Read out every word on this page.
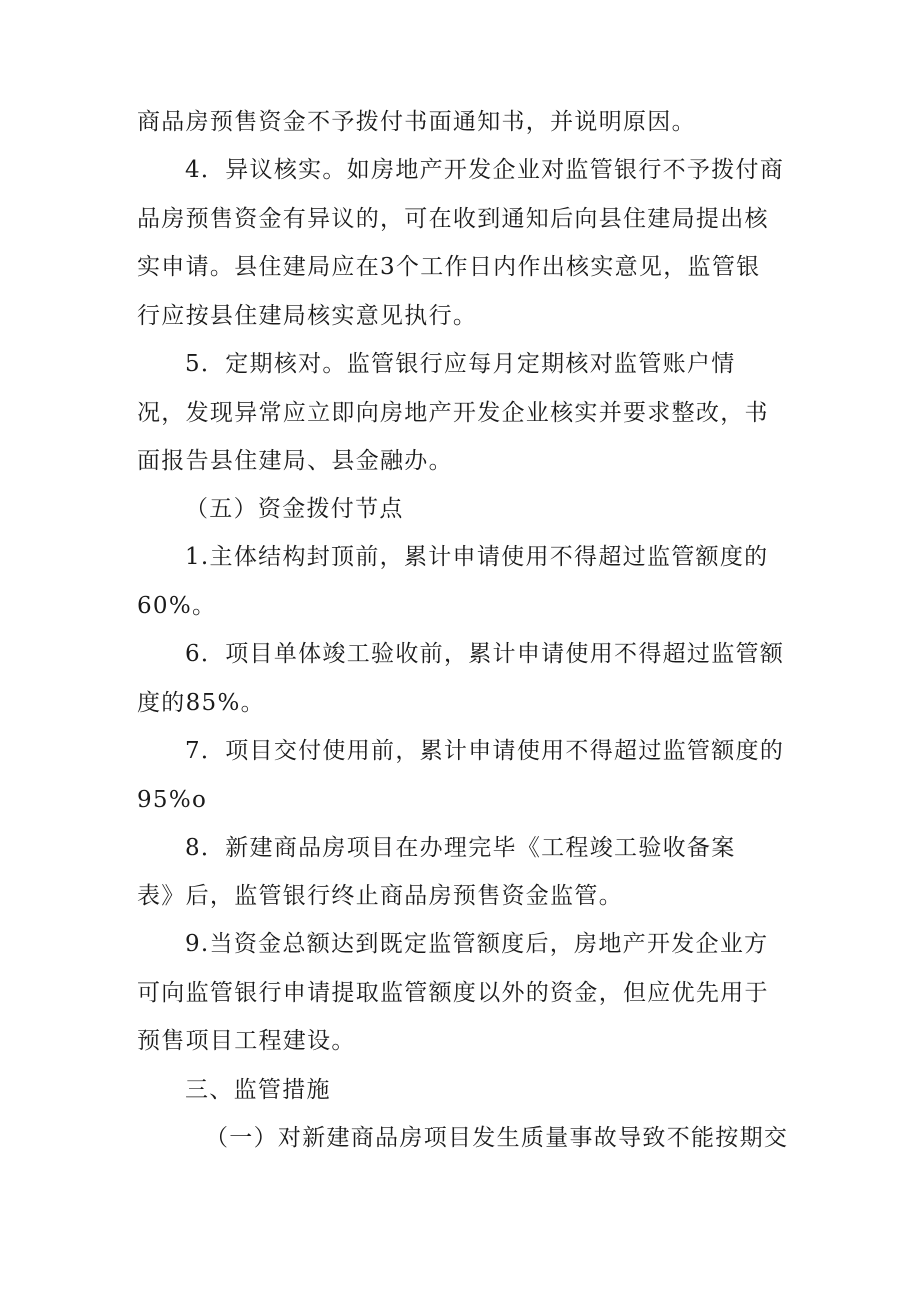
商品房预售资金不予拨付书面通知书，并说明原因。

4．异议核实。如房地产开发企业对监管银行不予拨付商

品房预售资金有异议的，可在收到通知后向县住建局提出核

实申请。县住建局应在3个工作日内作出核实意见，监管银

行应按县住建局核实意见执行。

5．定期核对。监管银行应每月定期核对监管账户情

况，发现异常应立即向房地产开发企业核实并要求整改，书

面报告县住建局、县金融办。

（五）资金拨付节点

1.主体结构封顶前，累计申请使用不得超过监管额度的

60%。

6．项目单体竣工验收前，累计申请使用不得超过监管额

度的85%。

7．项目交付使用前，累计申请使用不得超过监管额度的

95%o

8．新建商品房项目在办理完毕《工程竣工验收备案

表》后，监管银行终止商品房预售资金监管。

9.当资金总额达到既定监管额度后，房地产开发企业方

可向监管银行申请提取监管额度以外的资金，但应优先用于

预售项目工程建设。

三、监管措施

（一）对新建商品房项目发生质量事故导致不能按期交
